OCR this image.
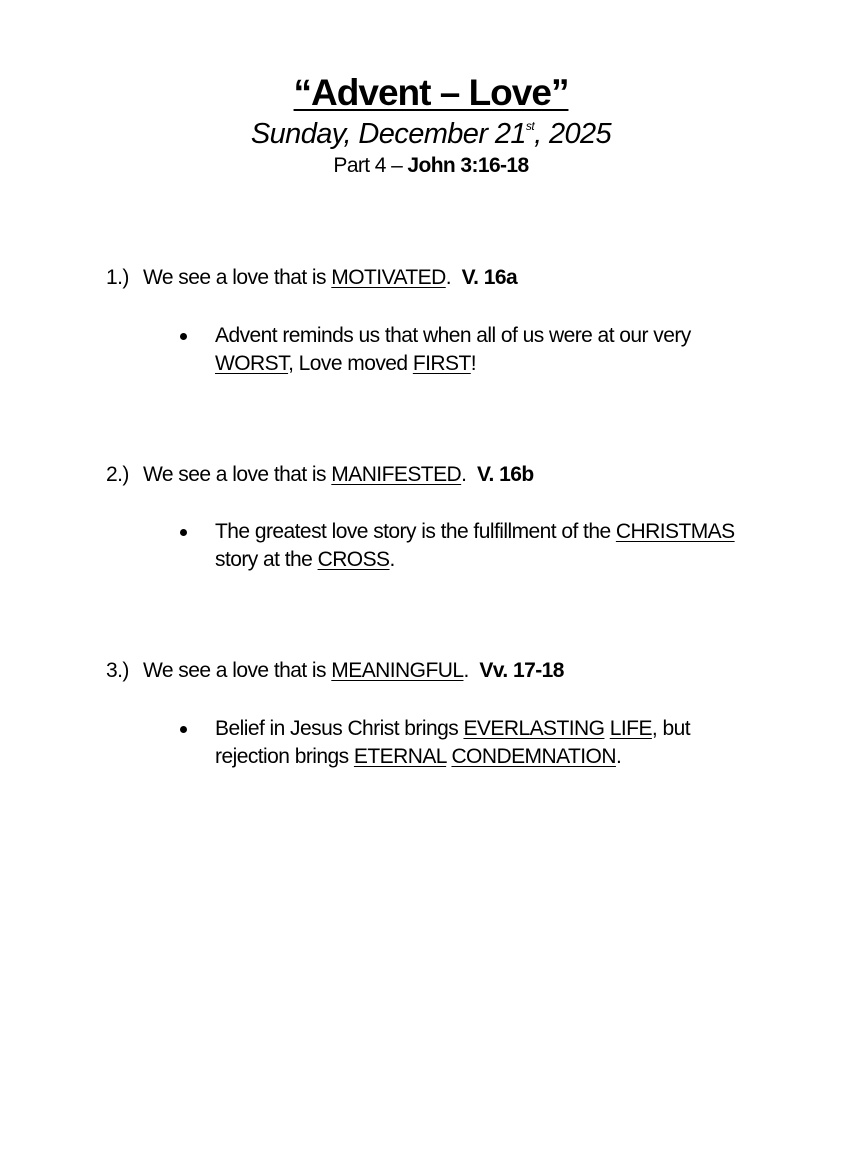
“Advent – Love”
Sunday, December 21st, 2025
Part 4 – John 3:16-18
1.) We see a love that is MOTIVATED.  V. 16a
Advent reminds us that when all of us were at our very
WORST, Love moved FIRST!
2.) We see a love that is MANIFESTED.  V. 16b
The greatest love story is the fulfillment of the CHRISTMAS
story at the CROSS.
3.) We see a love that is MEANINGFUL.  Vv. 17-18
Belief in Jesus Christ brings EVERLASTING LIFE, but
rejection brings ETERNAL CONDEMNATION.
